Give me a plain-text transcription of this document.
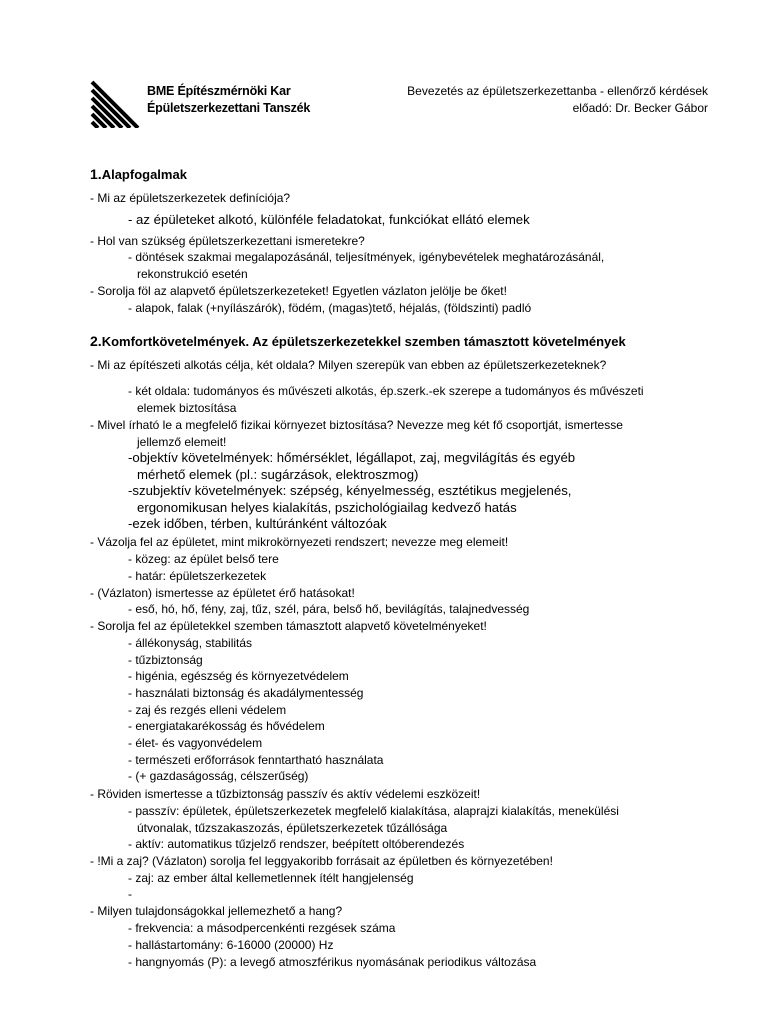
BME Építészmérnöki Kar
Épületszerkezettani Tanszék
Bevezetés az épületszerkezettanba - ellenőrző kérdések
előadó: Dr. Becker Gábor
1.Alapfogalmak
- Mi az épületszerkezetek definíciója?
- az épületeket alkotó, különféle feladatokat, funkciókat ellátó elemek
- Hol van szükség épületszerkezettani ismeretekre?
- döntések szakmai megalapozásánál, teljesítmények, igénybevételek meghatározásánál,
rekonstrukció esetén
- Sorolja föl az alapvető épületszerkezeteket! Egyetlen vázlaton jelölje be őket!
- alapok, falak (+nyílászárók), födém, (magas)tető, héjalás, (földszinti) padló
2.Komfortkövetelmények. Az épületszerkezetekkel szemben támasztott követelmények
- Mi az építészeti alkotás célja, két oldala? Milyen szerepük van ebben az épületszerkezeteknek?
- két oldala: tudományos és művészeti alkotás, ép.szerk.-ek szerepe a tudományos és művészeti
elemek biztosítása
- Mivel írható le a megfelelő fizikai környezet biztosítása? Nevezze meg két fő csoportját, ismertesse
jellemző elemeit!
-objektív követelmények: hőmérséklet, légállapot, zaj, megvilágítás és egyéb
mérhető elemek (pl.: sugárzások, elektroszmog)
-szubjektív követelmények: szépség, kényelmesség, esztétikus megjelenés,
ergonomikusan helyes kialakítás, pszichológiailag kedvező hatás
-ezek időben, térben, kultúránként változóak
- Vázolja fel az épületet, mint mikrokörnyezeti rendszert; nevezze meg elemeit!
- közeg: az épület belső tere
- határ: épületszerkezetek
- (Vázlaton) ismertesse az épületet érő hatásokat!
- eső, hó, hő, fény, zaj, tűz, szél, pára, belső hő, bevilágítás, talajnedvesség
- Sorolja fel az épületekkel szemben támasztott alapvető követelményeket!
- állékonyság, stabilitás
- tűzbiztonság
- higénia, egészség és környezetvédelem
- használati biztonság és akadálymentesség
- zaj és rezgés elleni védelem
- energiatakarékosság és hővédelem
- élet- és vagyonvédelem
- természeti erőforrások fenntartható használata
- (+ gazdaságosság, célszerűség)
- Röviden ismertesse a tűzbiztonság passzív és aktív védelemi eszközeit!
- passzív: épületek, épületszerkezetek megfelelő kialakítása, alaprajzi kialakítás, menekülési
útvonalak, tűzszakaszozás, épületszerkezetek tűzállósága
- aktív: automatikus tűzjelző rendszer, beépített oltóberendezés
- !Mi a zaj? (Vázlaton) sorolja fel leggyakoribb forrásait az épületben és környezetében!
- zaj: az ember által kellemetlennek ítélt hangjelenség
-
- Milyen tulajdonságokkal jellemezhető a hang?
- frekvencia: a másodpercenkénti rezgések száma
- hallástartomány: 6-16000 (20000) Hz
- hangnyomás (P): a levegő atmoszférikus nyomásának periodikus változása
